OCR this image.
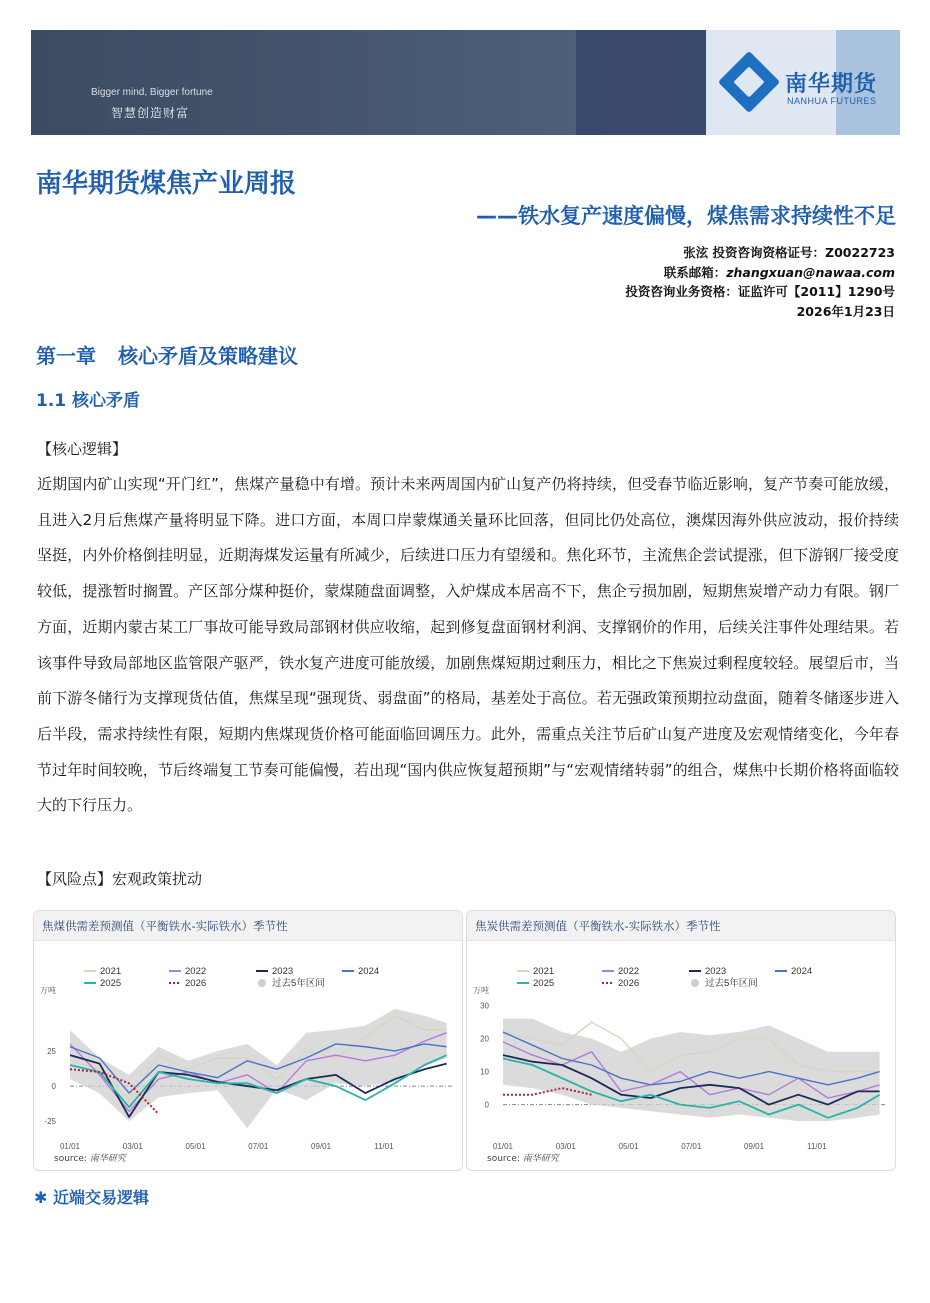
Bigger mind, Bigger fortune
智慧创造财富
南华期货
NANHUA FUTURES
南华期货煤焦产业周报
——铁水复产速度偏慢，煤焦需求持续性不足
张泫 投资咨询资格证号：Z0022723
联系邮箱：zhangxuan@nawaa.com
投资咨询业务资格：证监许可【2011】1290号
2026年1月23日
第一章 核心矛盾及策略建议
1.1 核心矛盾
【核心逻辑】
近期国内矿山实现“开门红”，焦煤产量稳中有增。预计未来两周国内矿山复产仍将持续，但受春节临近影响，复产节奏可能放缓，且进入2月后焦煤产量将明显下降。进口方面，本周口岸蒙煤通关量环比回落，但同比仍处高位，澳煤因海外供应波动，报价持续坚挺，内外价格倒挂明显，近期海煤发运量有所减少，后续进口压力有望缓和。焦化环节，主流焦企尝试提涨，但下游钢厂接受度较低，提涨暂时搁置。产区部分煤种挺价，蒙煤随盘面调整，入炉煤成本居高不下，焦企亏损加剧，短期焦炭增产动力有限。钢厂方面，近期内蒙古某工厂事故可能导致局部钢材供应收缩，起到修复盘面钢材利润、支撑钢价的作用，后续关注事件处理结果。若该事件导致局部地区监管限产驱严，铁水复产进度可能放缓，加剧焦煤短期过剩压力，相比之下焦炭过剩程度较轻。展望后市，当前下游冬储行为支撑现货估值，焦煤呈现“强现货、弱盘面”的格局，基差处于高位。若无强政策预期拉动盘面，随着冬储逐步进入后半段，需求持续性有限，短期内焦煤现货价格可能面临回调压力。此外，需重点关注节后矿山复产进度及宏观情绪变化，今年春节过年时间较晚，节后终端复工节奏可能偏慢，若出现“国内供应恢复超预期”与“宏观情绪转弱”的组合，煤焦中长期价格将面临较大的下行压力。
【风险点】宏观政策扰动
焦煤供需差预测值（平衡铁水-实际铁水）季节性
2021	2022	2023	2024
2025	2026	过去5年区间
万吨
-25
0
25
01/01	03/01	05/01	07/01	09/01	11/01
source: 南华研究
焦炭供需差预测值（平衡铁水-实际铁水）季节性
2021	2022	2023	2024
2025	2026	过去5年区间
万吨
0
10
20
30
01/01	03/01	05/01	07/01	09/01	11/01
source: 南华研究
✱ 近端交易逻辑
